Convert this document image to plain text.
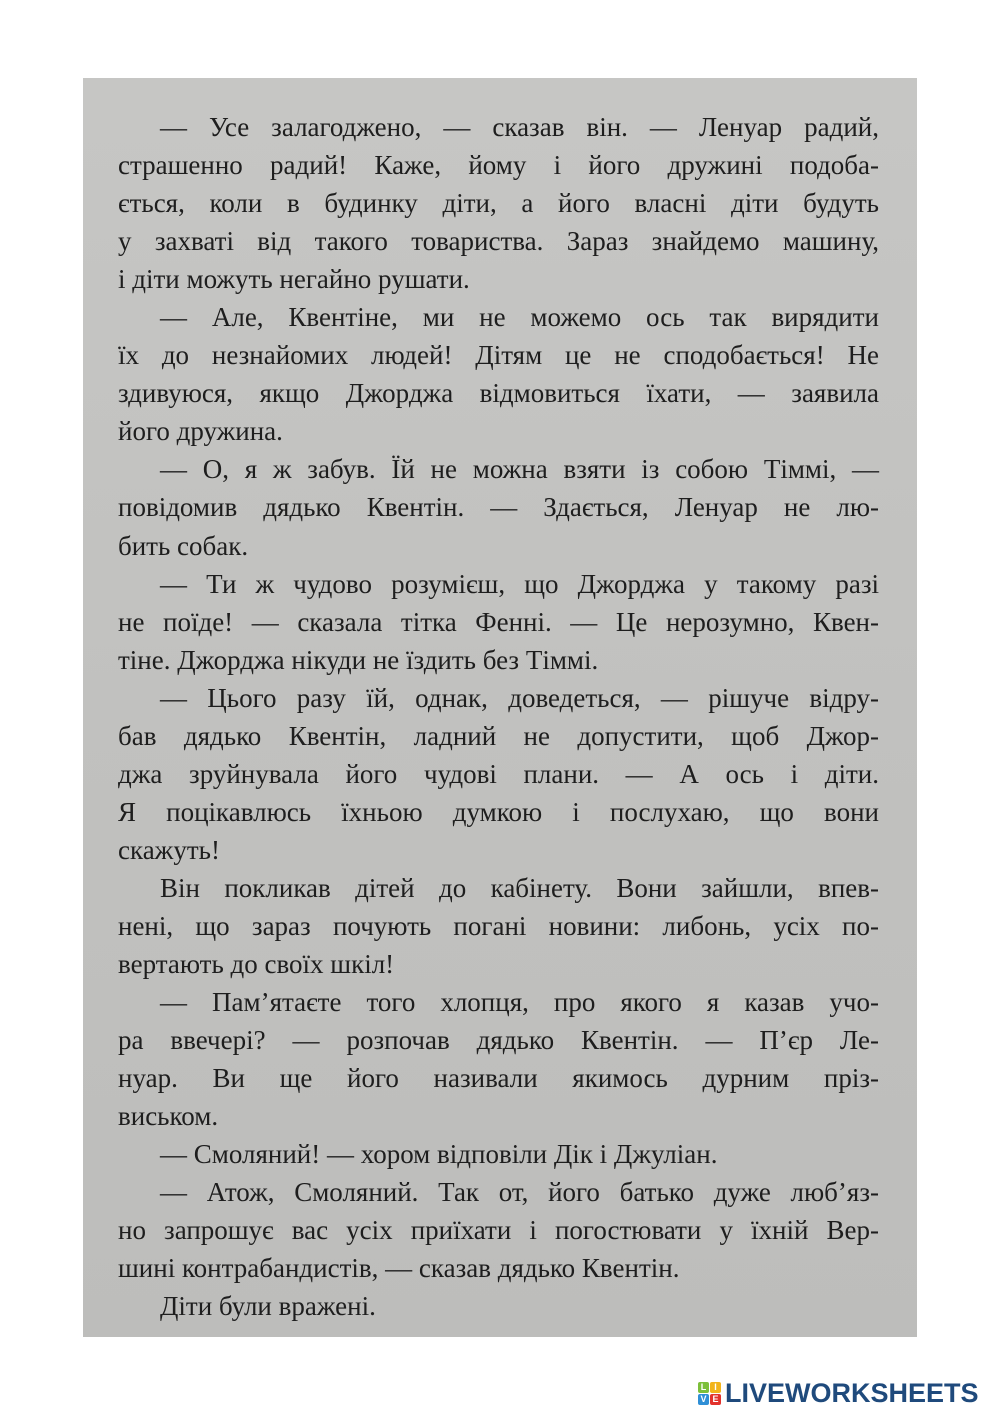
— Усе залагоджено, — сказав він. — Ленуар радий,
страшенно радий! Каже, йому і його дружині подоба-
ється, коли в будинку діти, а його власні діти будуть
у захваті від такого товариства. Зараз знайдемо машину,
і діти можуть негайно рушати.
— Але, Квентіне, ми не можемо ось так вирядити
їх до незнайомих людей! Дітям це не сподобається! Не
здивуюся, якщо Джорджа відмовиться їхати, — заявила
його дружина.
— О, я ж забув. Їй не можна взяти із собою Тіммі, —
повідомив дядько Квентін. — Здається, Ленуар не лю-
бить собак.
— Ти ж чудово розумієш, що Джорджа у такому разі
не поїде! — сказала тітка Фенні. — Це нерозумно, Квен-
тіне. Джорджа нікуди не їздить без Тіммі.
— Цього разу їй, однак, доведеться, — рішуче відру-
бав дядько Квентін, ладний не допустити, щоб Джор-
джа зруйнувала його чудові плани. — А ось і діти.
Я поцікавлюсь їхньою думкою і послухаю, що вони
скажуть!
Він покликав дітей до кабінету. Вони зайшли, впев-
нені, що зараз почують погані новини: либонь, усіх по-
вертають до своїх шкіл!
— Пам’ятаєте того хлопця, про якого я казав учо-
ра ввечері? — розпочав дядько Квентін. — П’єр Ле-
нуар. Ви ще його називали якимось дурним пріз-
виськом.
— Смоляний! — хором відповіли Дік і Джуліан.
— Атож, Смоляний. Так от, його батько дуже люб’яз-
но запрошує вас усіх приїхати і погостювати у їхній Вер-
шині контрабандистів, — сказав дядько Квентін.
Діти були вражені.
L I
V E LIVEWORKSHEETS
